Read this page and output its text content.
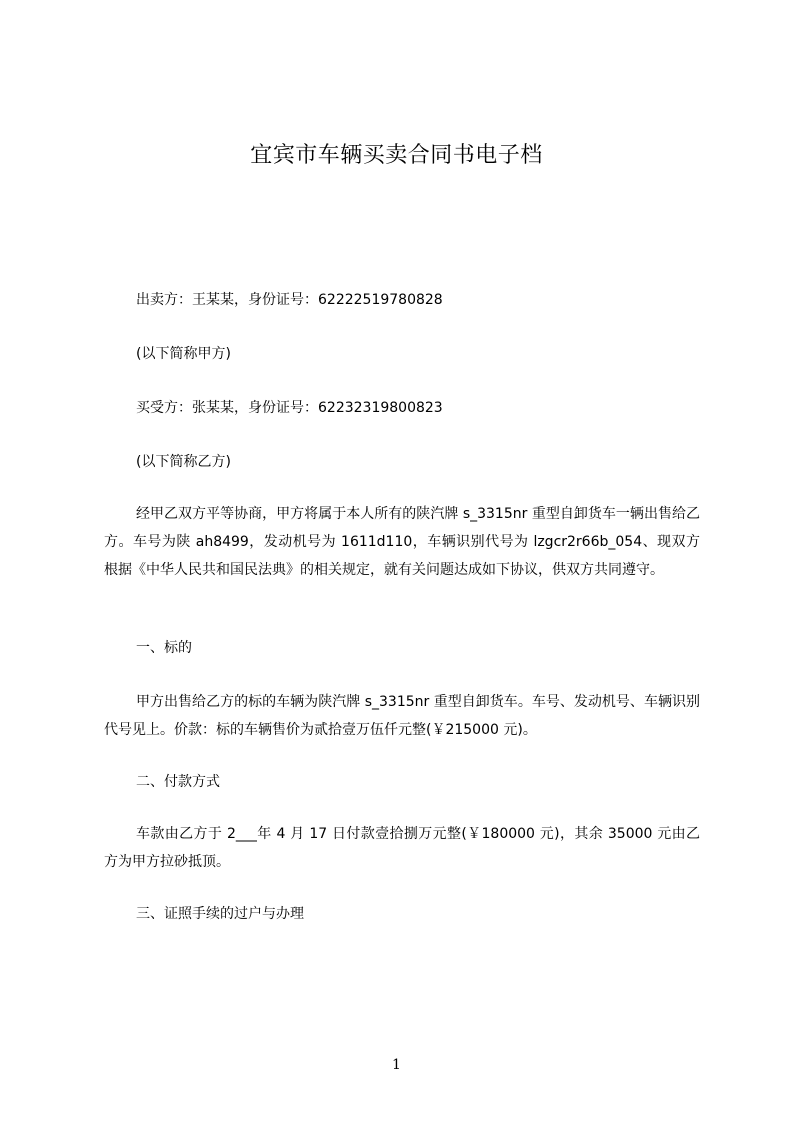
宜宾市车辆买卖合同书电子档
出卖方：王某某，身份证号：62222519780828
(以下简称甲方)
买受方：张某某，身份证号：62232319800823
(以下简称乙方)

经甲乙双方平等协商，甲方将属于本人所有的陕汽牌 s_3315nr 重型自卸货车一辆出售给乙方。车号为陕 ah8499，发动机号为 1611d110，车辆识别代号为 lzgcr2r66b_054、现双方根据《中华人民共和国民法典》的相关规定，就有关问题达成如下协议，供双方共同遵守。

一、标的

甲方出售给乙方的标的车辆为陕汽牌 s_3315nr 重型自卸货车。车号、发动机号、车辆识别代号见上。价款：标的车辆售价为贰拾壹万伍仟元整(￥215000 元)。

二、付款方式

车款由乙方于 2___年 4 月 17 日付款壹拾捌万元整(￥180000 元)，其余 35000 元由乙方为甲方拉砂抵顶。

三、证照手续的过户与办理
1
